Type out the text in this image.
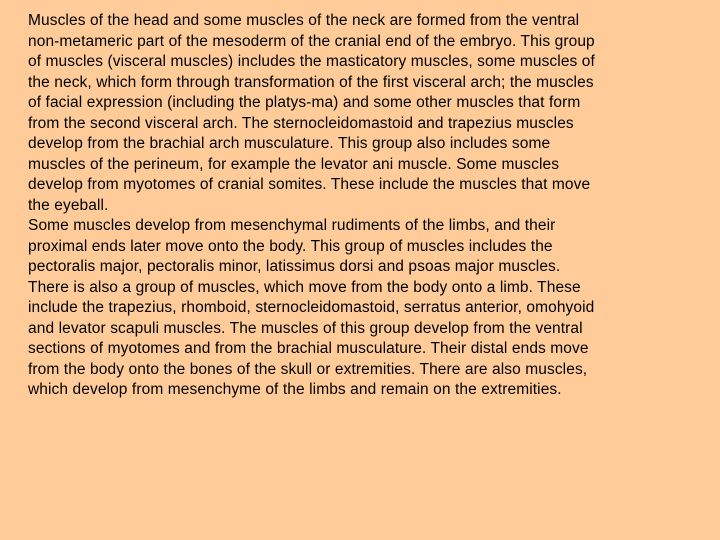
Muscles of the head and some muscles of the neck are formed from the ventral
non-metameric part of the mesoderm of the cranial end of the embryo. This group
of muscles (visceral muscles) includes the masticatory muscles, some muscles of
the neck, which form through transformation of the first visceral arch; the muscles
of facial expression (including the platys-ma) and some other muscles that form
from the second visceral arch. The sternocleidomastoid and trapezius muscles
develop from the brachial arch musculature. This group also includes some
muscles of the perineum, for example the levator ani muscle. Some muscles
develop from myotomes of cranial somites. These include the muscles that move
the eyeball.
Some muscles develop from mesenchymal rudiments of the limbs, and their
proximal ends later move onto the body. This group of muscles includes the
pectoralis major, pectoralis minor, latissimus dorsi and psoas major muscles.
There is also a group of muscles, which move from the body onto a limb. These
include the trapezius, rhomboid, sternocleidomastoid, serratus anterior, omohyoid
and levator scapuli muscles. The muscles of this group develop from the ventral
sections of myotomes and from the brachial musculature. Their distal ends move
from the body onto the bones of the skull or extremities. There are also muscles,
which develop from mesenchyme of the limbs and remain on the extremities.
